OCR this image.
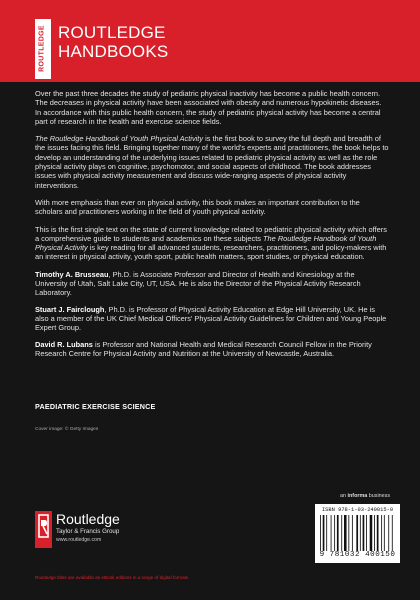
ROUTLEDGE ROUTLEDGE
HANDBOOKS

Over the past three decades the study of pediatric physical inactivity has become a public health concern. The decreases in physical activity have been associated with obesity and numerous hypokinetic diseases. In accordance with this public health concern, the study of pediatric physical activity has become a central part of research in the health and exercise science fields.

The Routledge Handbook of Youth Physical Activity is the first book to survey the full depth and breadth of the issues facing this field. Bringing together many of the world's experts and practitioners, the book helps to develop an understanding of the underlying issues related to pediatric physical activity as well as the role physical activity plays on cognitive, psychomotor, and social aspects of childhood. The book addresses issues with physical activity measurement and discuss wide-ranging aspects of physical activity interventions.

With more emphasis than ever on physical activity, this book makes an important contribution to the scholars and practitioners working in the field of youth physical activity.

This is the first single text on the state of current knowledge related to pediatric physical activity which offers a comprehensive guide to students and academics on these subjects The Routledge Handbook of Youth Physical Activity is key reading for all advanced students, researchers, practitioners, and policy-makers with an interest in physical activity, youth sport, public health matters, sport studies, or physical education.

Timothy A. Brusseau, Ph.D. is Associate Professor and Director of Health and Kinesiology at the University of Utah, Salt Lake City, UT, USA. He is also the Director of the Physical Activity Research Laboratory.
Stuart J. Fairclough, Ph.D. is Professor of Physical Activity Education at Edge Hill University, UK. He is also a member of the UK Chief Medical Officers' Physical Activity Guidelines for Children and Young People Expert Group.
David R. Lubans is Professor and National Health and Medical Research Council Fellow in the Priority Research Centre for Physical Activity and Nutrition at the University of Newcastle, Australia.
PAEDIATRIC EXERCISE SCIENCE
Cover image: © Getty Images
Routledge
Taylor & Francis Group
www.routledge.com
an informa business
ISBN 978-1-03-240015-0
9 781032 400150
Routledge titles are available as eBook editions in a range of digital formats
